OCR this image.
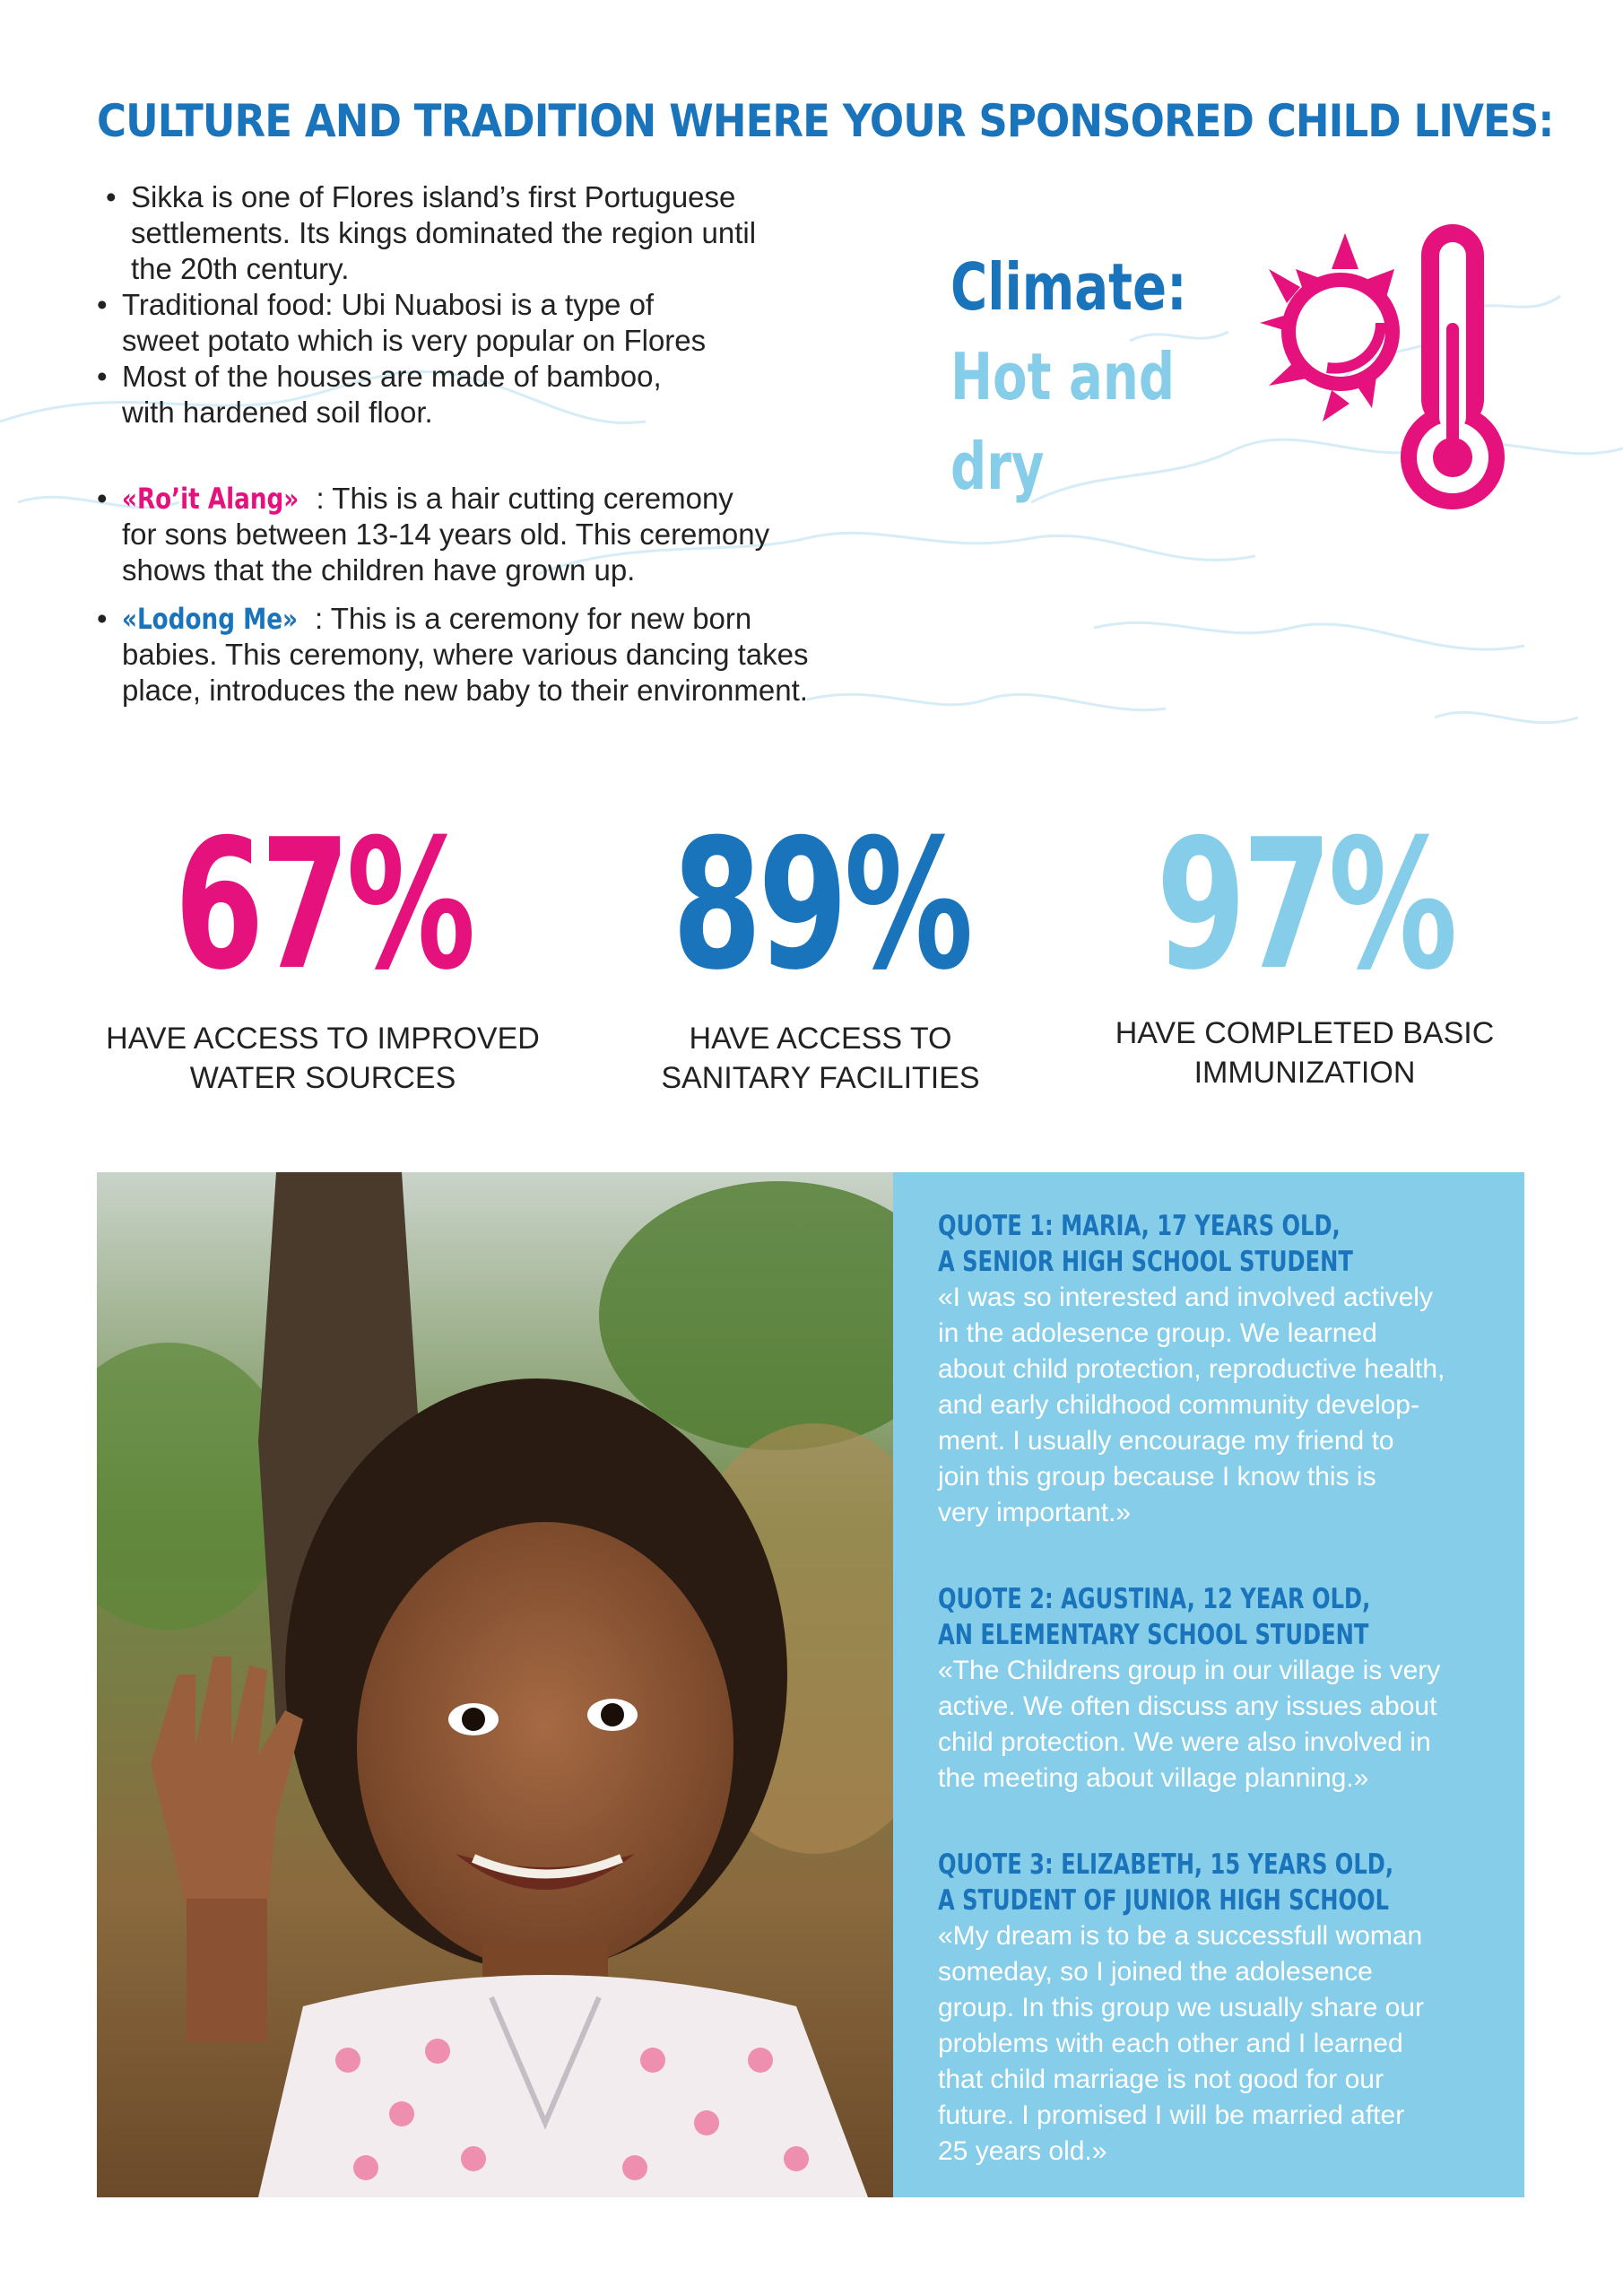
CULTURE AND TRADITION WHERE YOUR SPONSORED CHILD LIVES:

• Sikka is one of Flores island’s first Portuguese
settlements. Its kings dominated the region until
the 20th century.

• Traditional food: Ubi Nuabosi is a type of
sweet potato which is very popular on Flores

• Most of the houses are made of bamboo,
with hardened soil floor.

• «Ro’it Alang» : This is a hair cutting ceremony
for sons between 13-14 years old. This ceremony
shows that the children have grown up.

• «Lodong Me» : This is a ceremony for new born
babies. This ceremony, where various dancing takes
place, introduces the new baby to their environment.

Climate:

Hot and

dry

67%

HAVE ACCESS TO IMPROVED
WATER SOURCES

89%

HAVE ACCESS TO
SANITARY FACILITIES

97%

HAVE COMPLETED BASIC
IMMUNIZATION

QUOTE 1: MARIA, 17 YEARS OLD,

A SENIOR HIGH SCHOOL STUDENT

«I was so interested and involved actively
in the adolesence group. We learned
about child protection, reproductive health,
and early childhood community develop-
ment. I usually encourage my friend to
join this group because I know this is
very important.»

QUOTE 2: AGUSTINA, 12 YEAR OLD,

AN ELEMENTARY SCHOOL STUDENT

«The Childrens group in our village is very
active. We often discuss any issues about
child protection. We were also involved in
the meeting about village planning.»

QUOTE 3: ELIZABETH, 15 YEARS OLD,

A STUDENT OF JUNIOR HIGH SCHOOL

«My dream is to be a successfull woman
someday, so I joined the adolesence
group. In this group we usually share our
problems with each other and I learned
that child marriage is not good for our
future. I promised I will be married after
25 years old.»
